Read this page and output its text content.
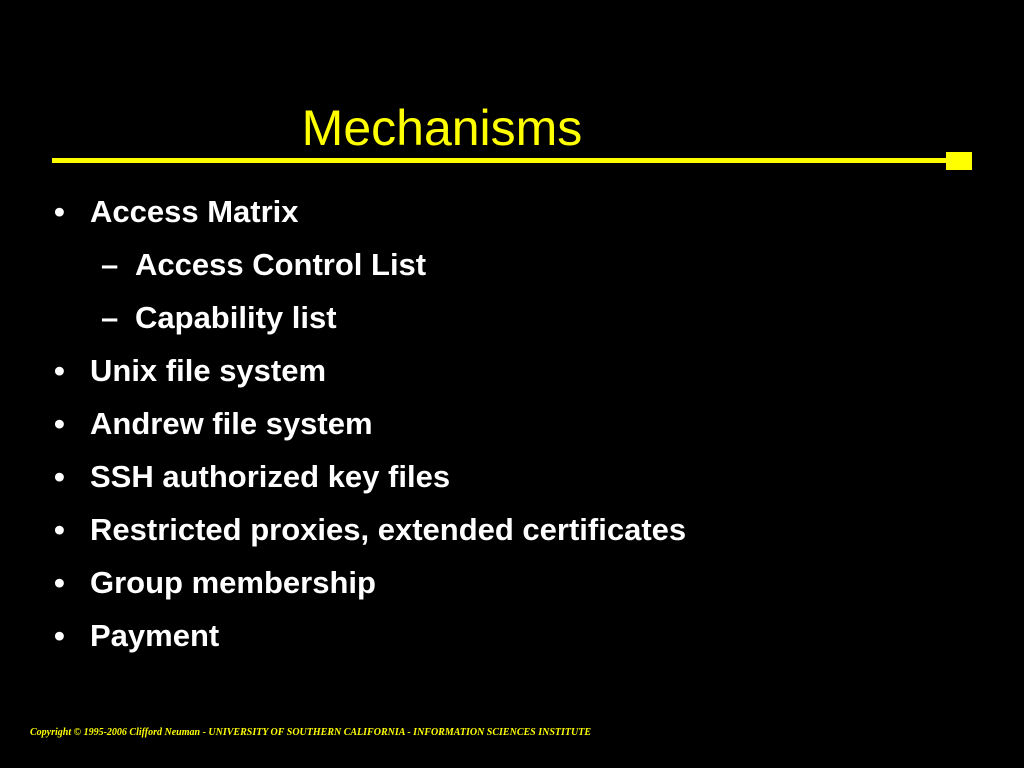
Mechanisms
• Access Matrix
– Access Control List
– Capability list
• Unix file system
• Andrew file system
• SSH authorized key files
• Restricted proxies, extended certificates
• Group membership
• Payment
Copyright © 1995-2006 Clifford Neuman - UNIVERSITY OF SOUTHERN CALIFORNIA - INFORMATION SCIENCES INSTITUTE
